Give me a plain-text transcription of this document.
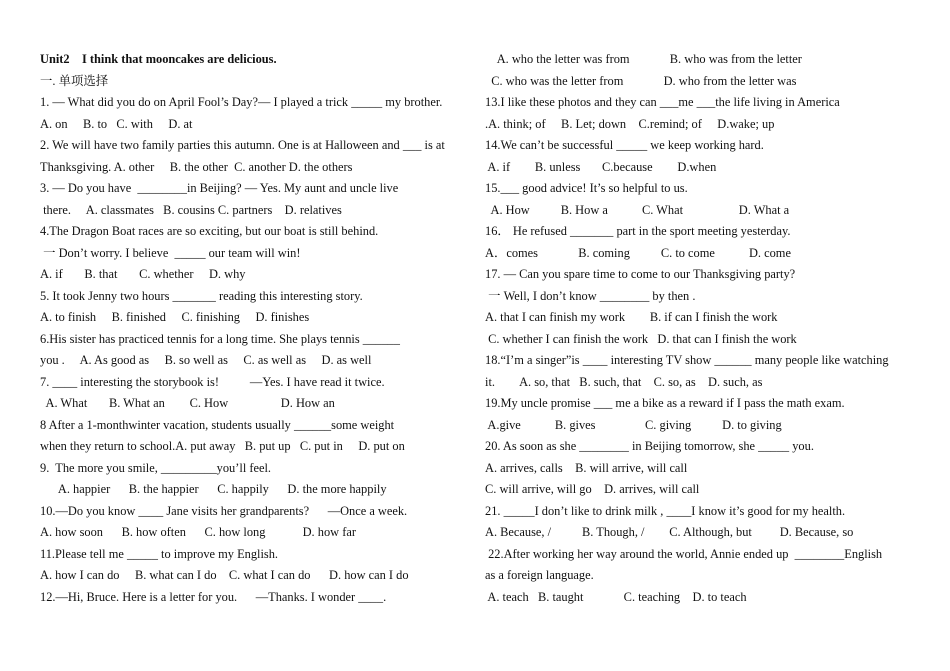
Unit2    I think that mooncakes are delicious.
一. 单项选择
1. — What did you do on April Fool’s Day?— I played a trick _____ my brother.
A. on     B. to   C. with     D. at
2. We will have two family parties this autumn. One is at Halloween and ___ is at
Thanksgiving. A. other     B. the other  C. another D. the others
3. — Do you have  ________in Beijing? — Yes. My aunt and uncle live
there.     A. classmates   B. cousins C. partners    D. relatives
4.The Dragon Boat races are so exciting, but our boat is still behind.
一 Don’t worry. I believe  _____ our team will win!
A. if       B. that       C. whether     D. why
5. It took Jenny two hours _______ reading this interesting story.
A. to finish     B. finished     C. finishing     D. finishes
6.His sister has practiced tennis for a long time. She plays tennis ______
you .     A. As good as     B. so well as     C. as well as     D. as well
7. ____ interesting the storybook is!          —Yes. I have read it twice.
A. What       B. What an        C. How                 D. How an
8 After a 1-monthwinter vacation, students usually ______some weight
when they return to school.A. put away   B. put up   C. put in     D. put on
9.  The more you smile, _________you’ll feel.
A. happier      B. the happier      C. happily      D. the more happily
10.—Do you know ____ Jane visits her grandparents?      —Once a week.
A. how soon      B. how often      C. how long            D. how far
11.Please tell me _____ to improve my English.
A. how I can do     B. what can I do    C. what I can do      D. how can I do
12.—Hi, Bruce. Here is a letter for you.      —Thanks. I wonder ____.
A. who the letter was from             B. who was from the letter
C. who was the letter from             D. who from the letter was
13.I like these photos and they can ___me ___the life living in America
.A. think; of     B. Let; down    C.remind; of     D.wake; up
14.We can’t be successful _____ we keep working hard.
A. if        B. unless       C.because        D.when
15.___ good advice! It’s so helpful to us.
A. How          B. How a           C. What                  D. What a
16． He refused _______ part in the sport meeting yesterday.
A．comes             B. coming          C. to come           D. come
17. — Can you spare time to come to our Thanksgiving party?
一 Well, I don’t know ________ by then .
A. that I can finish my work        B. if can I finish the work
C. whether I can finish the work   D. that can I finish the work
18.“I’m a singer”is ____ interesting TV show ______ many people like watching
it.        A. so, that   B. such, that    C. so, as    D. such, as
19.My uncle promise ___ me a bike as a reward if I pass the math exam.
A.give           B. gives                C. giving          D. to giving
20. As soon as she ________ in Beijing tomorrow, she _____ you.
A. arrives, calls    B. will arrive, will call
C. will arrive, will go    D. arrives, will call
21. _____I don’t like to drink milk , ____I know it’s good for my health.
A. Because, /          B. Though, /        C. Although, but         D. Because, so
22.After working her way around the world, Annie ended up  ________English
as a foreign language.
A. teach   B. taught             C. teaching    D. to teach
